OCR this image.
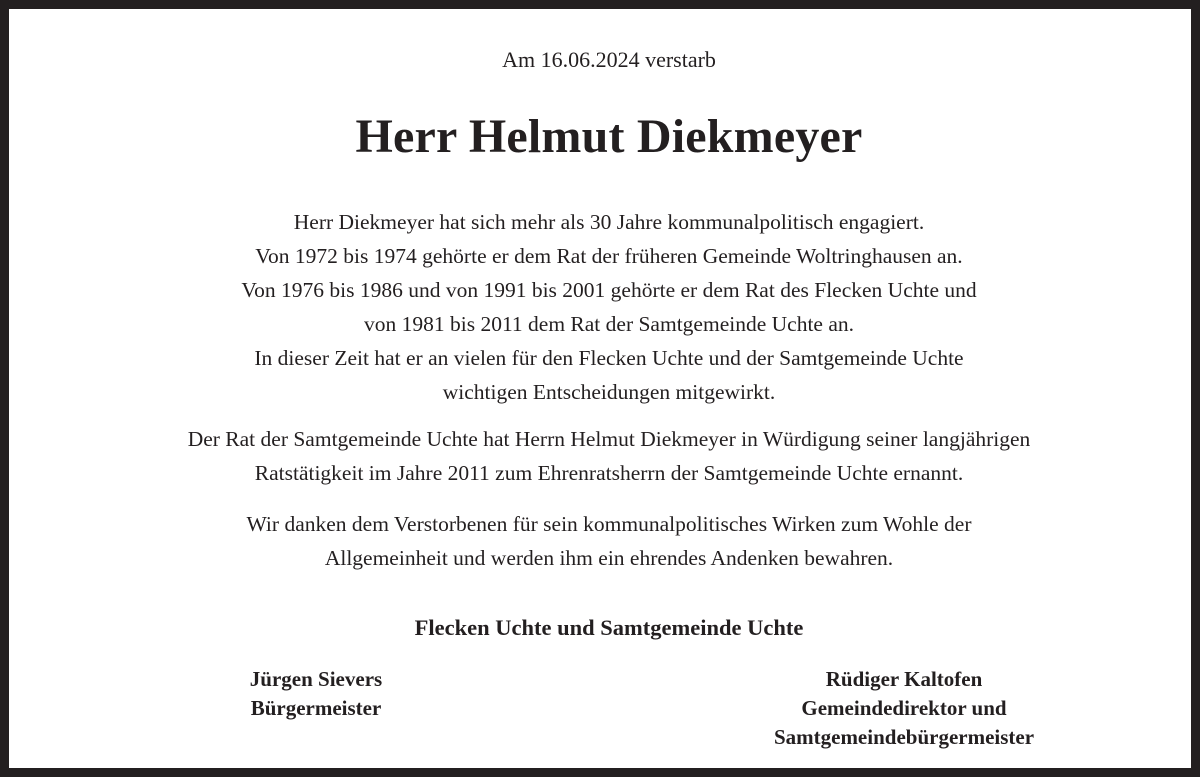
Am 16.06.2024 verstarb
Herr Helmut Diekmeyer
Herr Diekmeyer hat sich mehr als 30 Jahre kommunalpolitisch engagiert.
Von 1972 bis 1974 gehörte er dem Rat der früheren Gemeinde Woltringhausen an.
Von 1976 bis 1986 und von 1991 bis 2001 gehörte er dem Rat des Flecken Uchte und
von 1981 bis 2011 dem Rat der Samtgemeinde Uchte an.
In dieser Zeit hat er an vielen für den Flecken Uchte und der Samtgemeinde Uchte
wichtigen Entscheidungen mitgewirkt.
Der Rat der Samtgemeinde Uchte hat Herrn Helmut Diekmeyer in Würdigung seiner langjährigen
Ratstätigkeit im Jahre 2011 zum Ehrenratsherrn der Samtgemeinde Uchte ernannt.
Wir danken dem Verstorbenen für sein kommunalpolitisches Wirken zum Wohle der
Allgemeinheit und werden ihm ein ehrendes Andenken bewahren.
Flecken Uchte und Samtgemeinde Uchte
Jürgen Sievers
Bürgermeister
Rüdiger Kaltofen
Gemeindedirektor und
Samtgemeindebürgermeister
